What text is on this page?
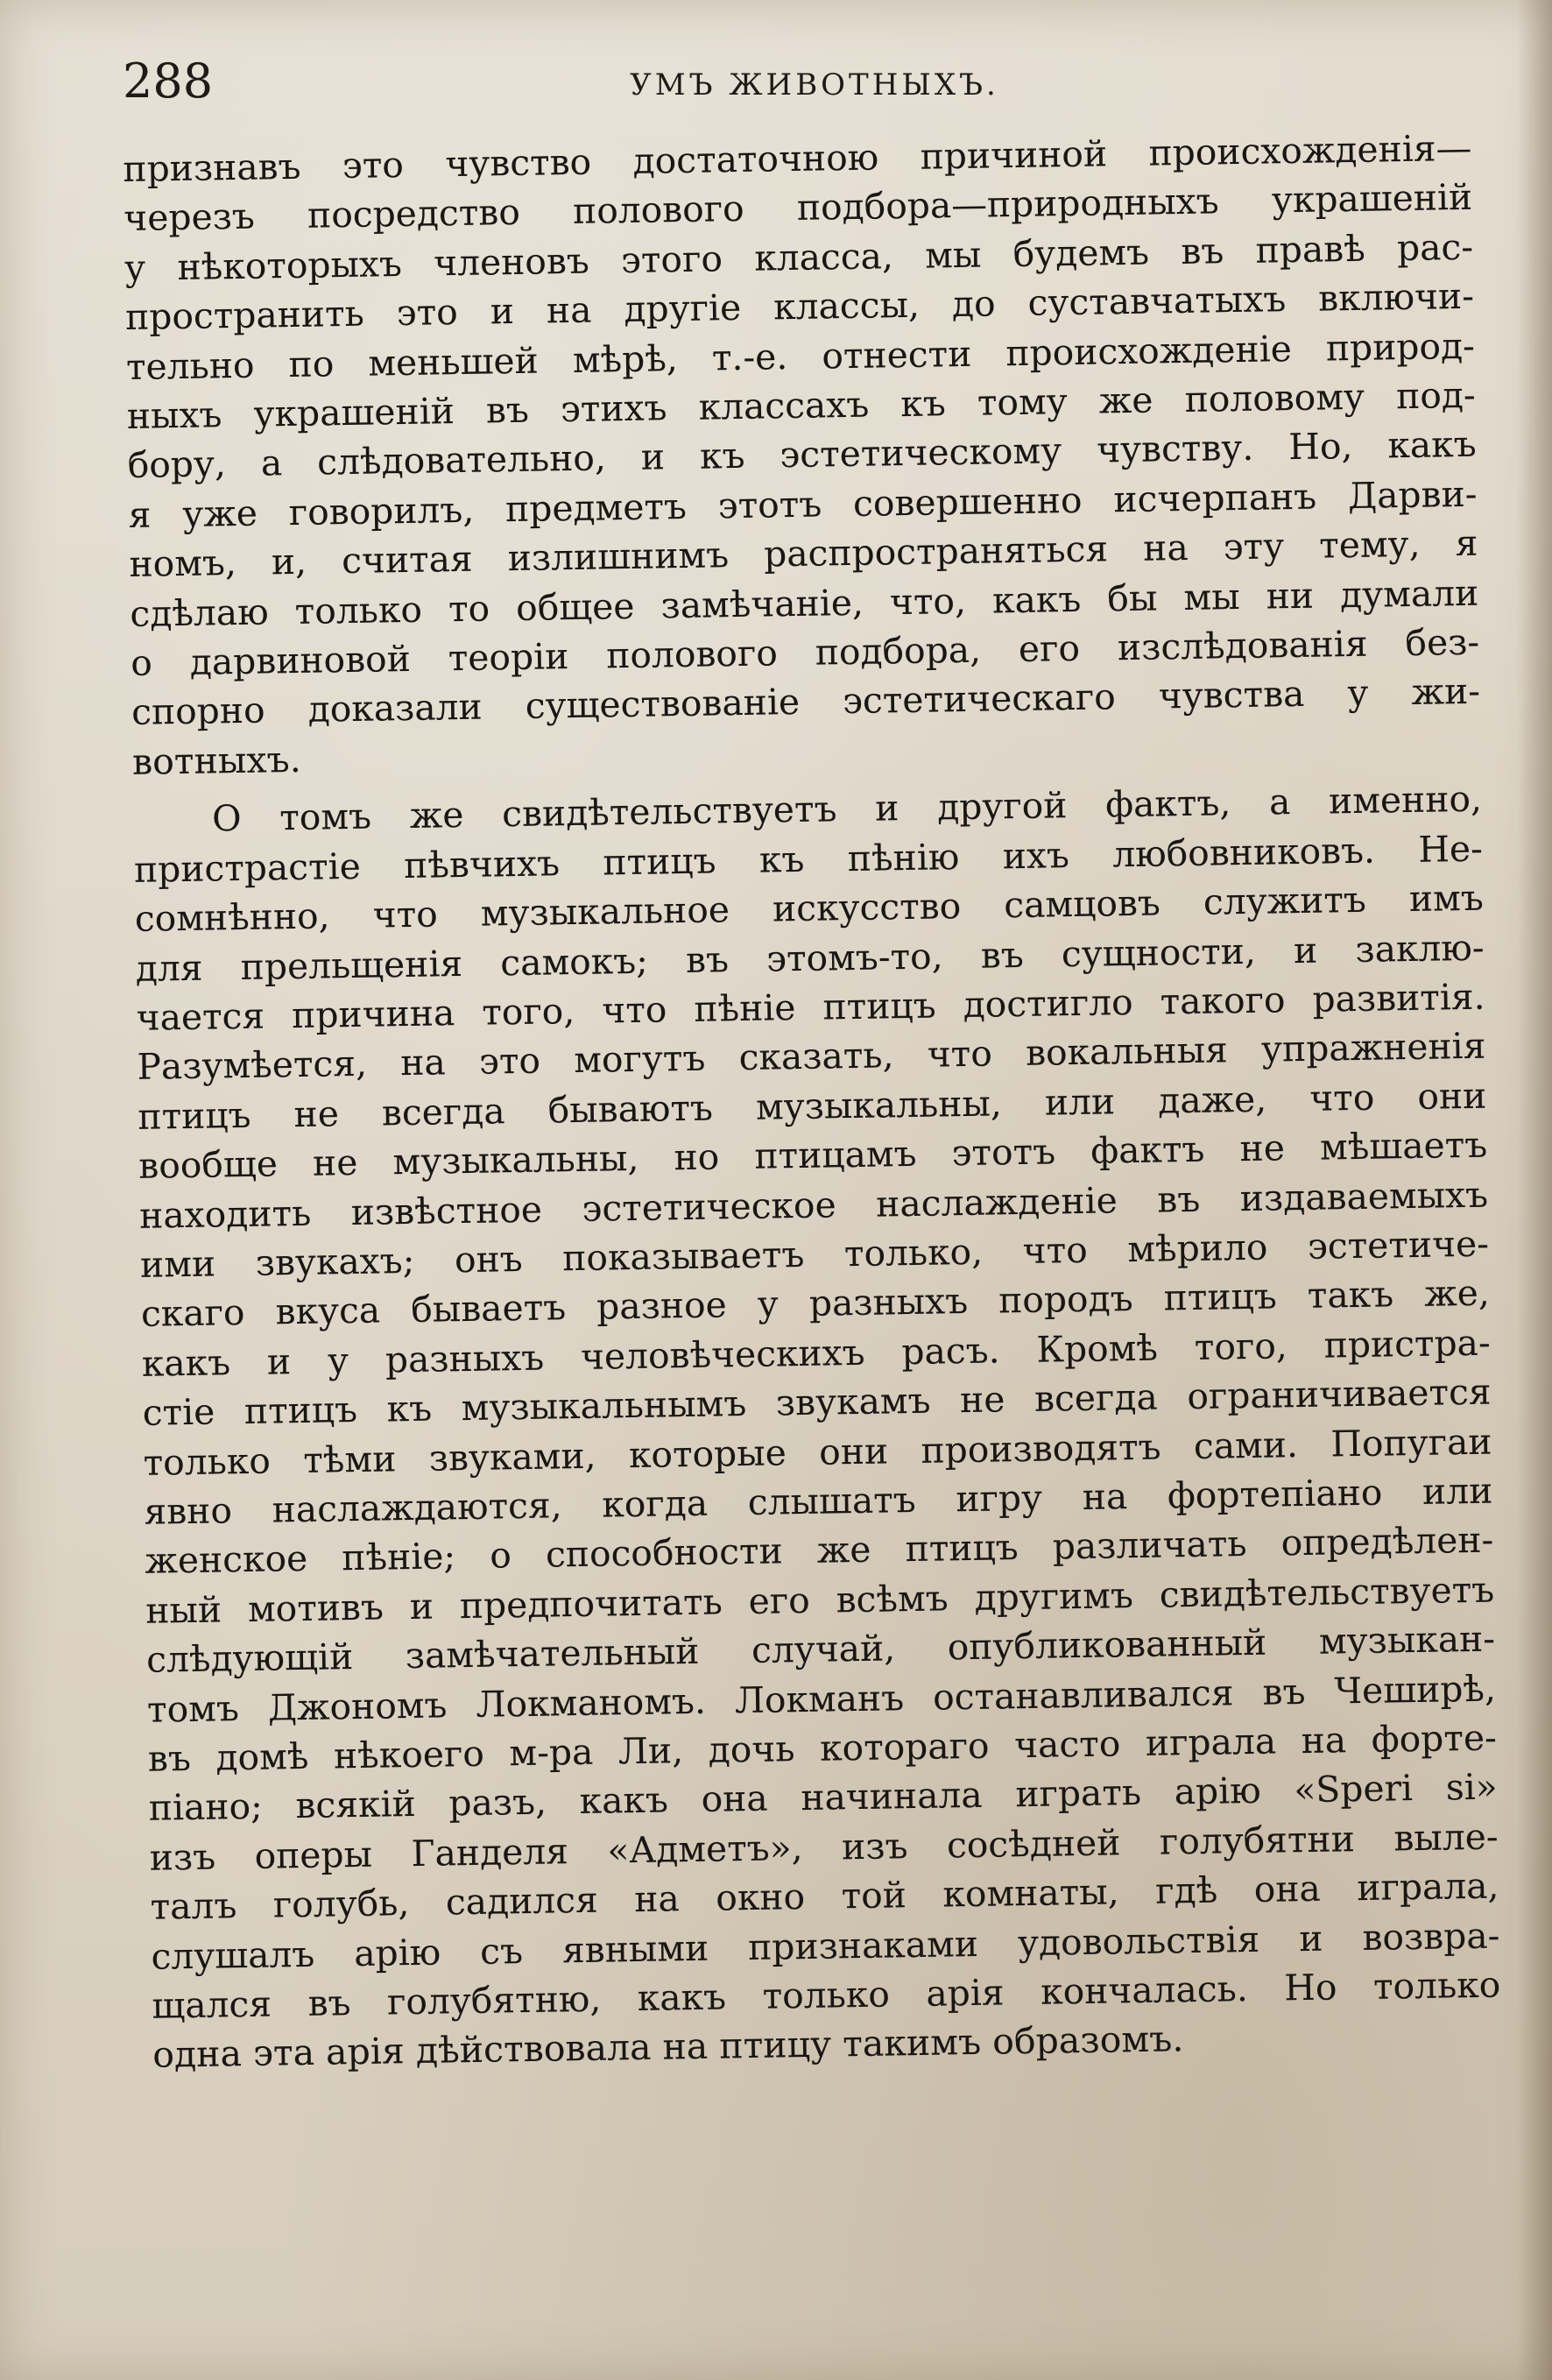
288	УМЪ ЖИВОТНЫХЪ.
признавъ это чувство достаточною причиной происхожденія—
черезъ посредство полового подбора—природныхъ украшеній
у нѣкоторыхъ членовъ этого класса, мы будемъ въ правѣ рас-
пространить это и на другіе классы, до суставчатыхъ включи-
тельно по меньшей мѣрѣ, т.-е. отнести происхожденіе природ-
ныхъ украшеній въ этихъ классахъ къ тому же половому под-
бору, а слѣдовательно, и къ эстетическому чувству. Но, какъ
я уже говорилъ, предметъ этотъ совершенно исчерпанъ Дарви-
номъ, и, считая излишнимъ распространяться на эту тему, я
сдѣлаю только то общее замѣчаніе, что, какъ бы мы ни думали
о дарвиновой теоріи полового подбора, его изслѣдованія без-
спорно доказали существованіе эстетическаго чувства у жи-
вотныхъ.
О томъ же свидѣтельствуетъ и другой фактъ, а именно,
пристрастіе пѣвчихъ птицъ къ пѣнію ихъ любовниковъ. Не-
сомнѣнно, что музыкальное искусство самцовъ служитъ имъ
для прельщенія самокъ; въ этомъ-то, въ сущности, и заклю-
чается причина того, что пѣніе птицъ достигло такого развитія.
Разумѣется, на это могутъ сказать, что вокальныя упражненія
птицъ не всегда бываютъ музыкальны, или даже, что они
вообще не музыкальны, но птицамъ этотъ фактъ не мѣшаетъ
находить извѣстное эстетическое наслажденіе въ издаваемыхъ
ими звукахъ; онъ показываетъ только, что мѣрило эстетиче-
скаго вкуса бываетъ разное у разныхъ породъ птицъ такъ же,
какъ и у разныхъ человѣческихъ расъ. Кромѣ того, пристра-
стіе птицъ къ музыкальнымъ звукамъ не всегда ограничивается
только тѣми звуками, которые они производятъ сами. Попугаи
явно наслаждаются, когда слышатъ игру на фортепіано или
женское пѣніе; о способности же птицъ различать опредѣлен-
ный мотивъ и предпочитать его всѣмъ другимъ свидѣтельствуетъ
слѣдующій замѣчательный случай, опубликованный музыкан-
томъ Джономъ Локманомъ. Локманъ останавливался въ Чеширѣ,
въ домѣ нѣкоего м-ра Ли, дочь котораго часто играла на форте-
піано; всякій разъ, какъ она начинала играть арію «Speri si»
изъ оперы Ганделя «Адметъ», изъ сосѣдней голубятни выле-
талъ голубь, садился на окно той комнаты, гдѣ она играла,
слушалъ арію съ явными признаками удовольствія и возвра-
щался въ голубятню, какъ только арія кончалась. Но только
одна эта арія дѣйствовала на птицу такимъ образомъ.
